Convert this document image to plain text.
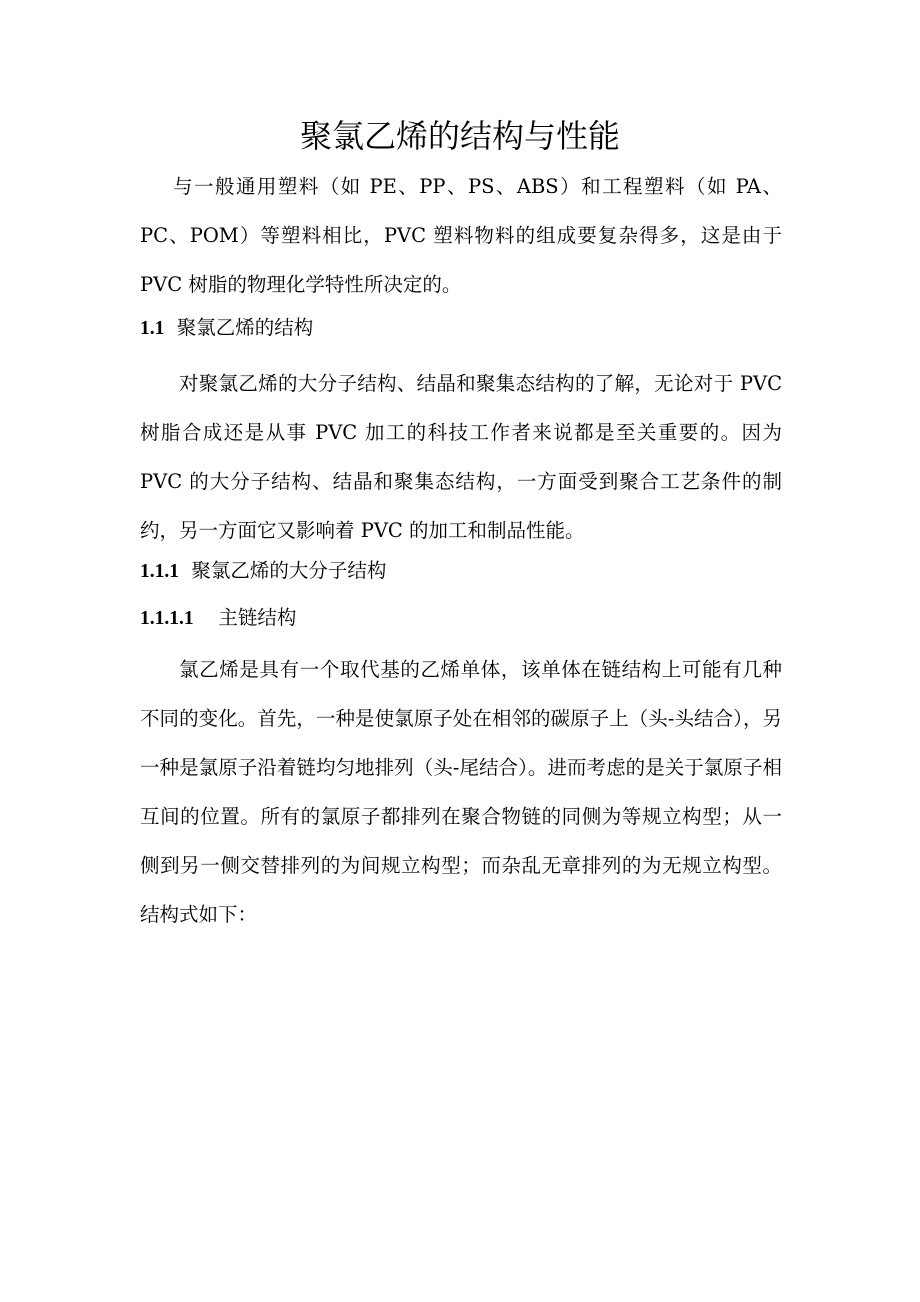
聚氯乙烯的结构与性能

与一般通用塑料（如 PE、PP、PS、ABS）和工程塑料（如 PA、PC、POM）等塑料相比，PVC 塑料物料的组成要复杂得多，这是由于 PVC 树脂的物理化学特性所决定的。

1.1 聚氯乙烯的结构

对聚氯乙烯的大分子结构、结晶和聚集态结构的了解，无论对于 PVC 树脂合成还是从事 PVC 加工的科技工作者来说都是至关重要的。因为 PVC 的大分子结构、结晶和聚集态结构，一方面受到聚合工艺条件的制约，另一方面它又影响着 PVC 的加工和制品性能。

1.1.1 聚氯乙烯的大分子结构
1.1.1.1 主链结构

氯乙烯是具有一个取代基的乙烯单体，该单体在链结构上可能有几种不同的变化。首先，一种是使氯原子处在相邻的碳原子上（头-头结合），另一种是氯原子沿着链均匀地排列（头-尾结合）。进而考虑的是关于氯原子相互间的位置。所有的氯原子都排列在聚合物链的同侧为等规立构型；从一侧到另一侧交替排列的为间规立构型；而杂乱无章排列的为无规立构型。结构式如下：
